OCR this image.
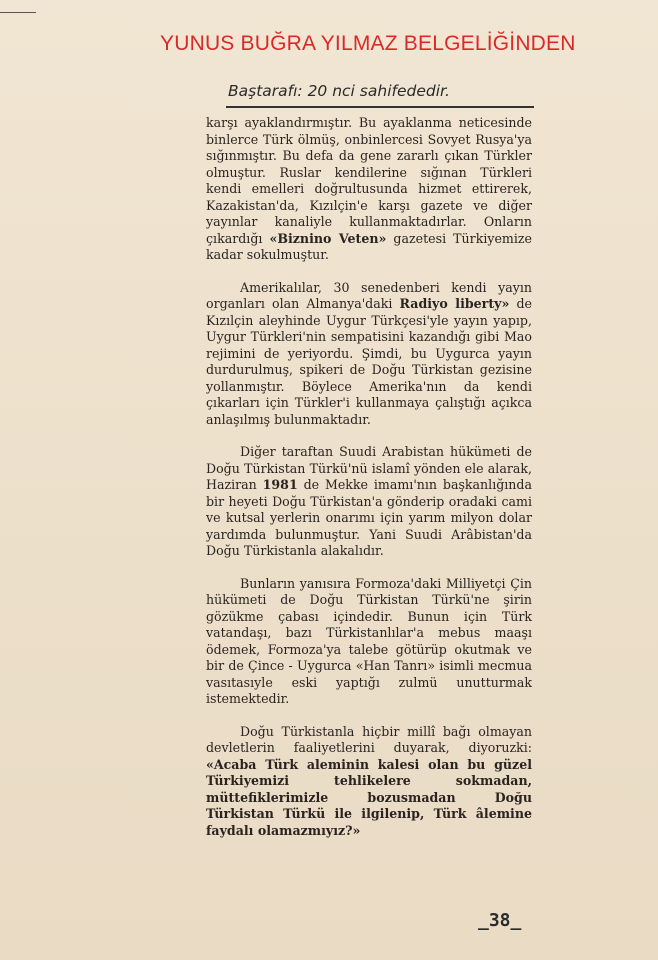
YUNUS BUĞRA YILMAZ BELGELİĞİNDEN
Baştarafı: 20 nci sahifededir.

karşı ayaklandırmıştır. Bu ayaklanma neticesinde binlerce Türk ölmüş, onbinlercesi Sovyet Rusya'ya sığınmıştır. Bu defa da gene zararlı çıkan Türkler olmuştur. Ruslar kendilerine sığınan Türkleri kendi emelleri doğrultusunda hizmet ettirerek, Kazakistan'da, Kızılçin'e karşı gazete ve diğer yayınlar kanaliyle kullanmaktadırlar. Onların çıkardığı «Biznino Veten» gazetesi Türkiyemize kadar sokulmuştur.

Amerikalılar, 30 senedenberi kendi yayın organları olan Almanya'daki Radiyo liberty» de Kızılçin aleyhinde Uygur Türkçesi'yle yayın yapıp, Uygur Türkleri'nin sempatisini kazandığı gibi Mao rejimini de yeriyordu. Şimdi, bu Uygurca yayın durdurulmuş, spikeri de Doğu Türkistan gezisine yollanmıştır. Böylece Amerika'nın da kendi çıkarları için Türkler'i kullanmaya çalıştığı açıkca anlaşılmış bulunmaktadır.

Diğer taraftan Suudi Arabistan hükümeti de Doğu Türkistan Türkü'nü islamî yönden ele alarak, Haziran 1981 de Mekke imamı'nın başkanlığında bir heyeti Doğu Türkistan'a gönderip oradaki cami ve kutsal yerlerin onarımı için yarım milyon dolar yardımda bulunmuştur. Yani Suudi Arâbistan'da Doğu Türkistanla alakalıdır.

Bunların yanısıra Formoza'daki Milliyetçi Çin hükümeti de Doğu Türkistan Türkü'ne şirin gözükme çabası içindedir. Bunun için Türk vatandaşı, bazı Türkistanlılar'a mebus maaşı ödemek, Formoza'ya talebe götürüp okutmak ve bir de Çince - Uygurca «Han Tanrı» isimli mecmua vasıtasıyle eski yaptığı zulmü unutturmak istemektedir.

Doğu Türkistanla hiçbir millî bağı olmayan devletlerin faaliyetlerini duyarak, diyoruzki: «Acaba Türk aleminin kalesi olan bu güzel Türkiyemizi tehlikelere sokmadan, müttefiklerimizle bozusmadan Doğu Türkistan Türkü ile ilgilenip, Türk âlemine faydalı olamazmıyız?»

_38_
